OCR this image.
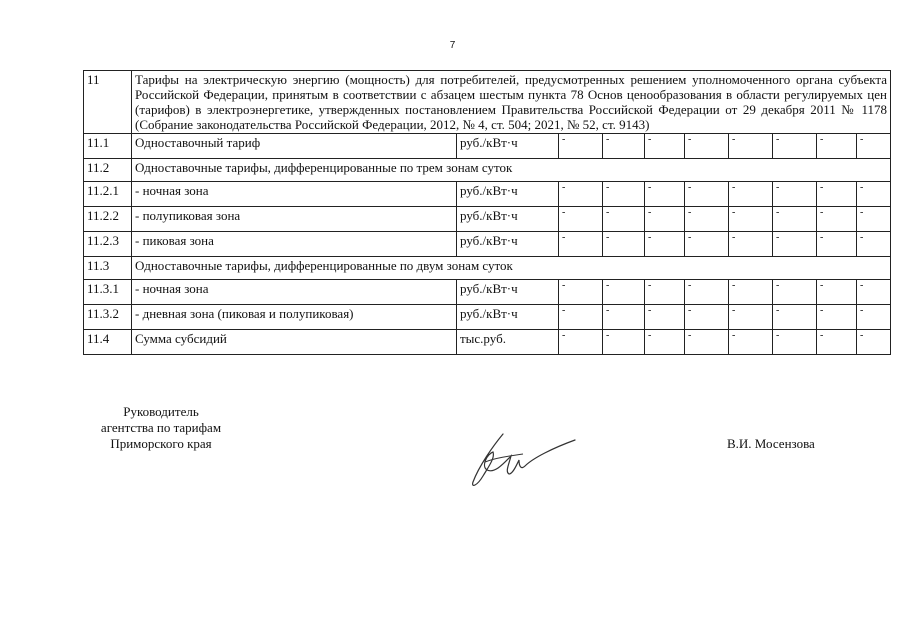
7
11	Тарифы на электрическую энергию (мощность) для потребителей, предусмотренных решением уполномоченного органа субъекта Российской Федерации, принятым в соответствии с абзацем шестым пункта 78 Основ ценообразования в области регулируемых цен (тарифов) в электроэнергетике, утвержденных постановлением Правительства Российской Федерации от 29 декабря 2011 № 1178 (Собрание законодательства Российской Федерации, 2012, № 4, ст. 504; 2021, № 52, ст. 9143)									
11.1	Одноставочный тариф	руб./кВт·ч	-	-	-	-	-	-	-	-
11.2	Одноставочные тарифы, дифференцированные по трем зонам суток									
11.2.1	- ночная зона	руб./кВт·ч	-	-	-	-	-	-	-	-
11.2.2	- полупиковая зона	руб./кВт·ч	-	-	-	-	-	-	-	-
11.2.3	- пиковая зона	руб./кВт·ч	-	-	-	-	-	-	-	-
11.3	Одноставочные тарифы, дифференцированные по двум зонам суток									
11.3.1	- ночная зона	руб./кВт·ч	-	-	-	-	-	-	-	-
11.3.2	- дневная зона (пиковая и полупиковая)	руб./кВт·ч	-	-	-	-	-	-	-	-
11.4	Сумма субсидий	тыс.руб.	-	-	-	-	-	-	-	-
Руководитель
агентства по тарифам
Приморского края	В.И. Мосензова
